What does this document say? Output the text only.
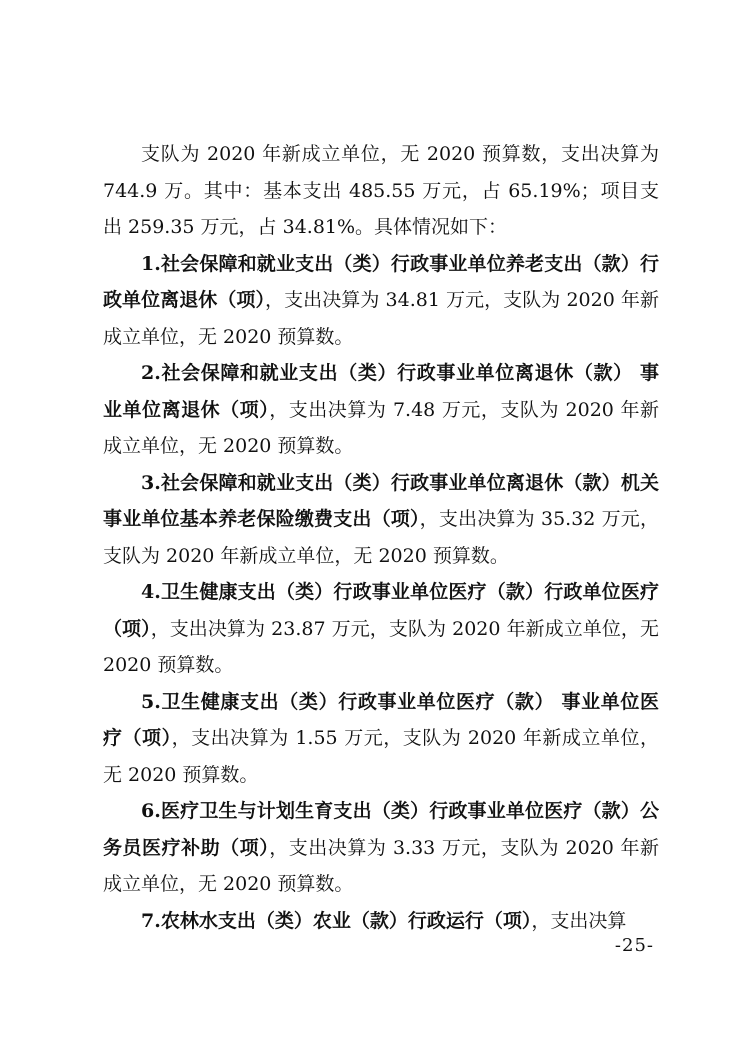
支队为 2020 年新成立单位，无 2020 预算数，支出决算为 744.9 万。其中：基本支出 485.55 万元，占 65.19%；项目支出 259.35 万元，占 34.81%。具体情况如下：

1.社会保障和就业支出（类）行政事业单位养老支出（款）行政单位离退休（项），支出决算为 34.81 万元，支队为 2020 年新成立单位，无 2020 预算数。

2.社会保障和就业支出（类）行政事业单位离退休（款） 事业单位离退休（项），支出决算为 7.48 万元，支队为 2020 年新成立单位，无 2020 预算数。

3.社会保障和就业支出（类）行政事业单位离退休（款）机关事业单位基本养老保险缴费支出（项），支出决算为 35.32 万元，支队为 2020 年新成立单位，无 2020 预算数。

4.卫生健康支出（类）行政事业单位医疗（款）行政单位医疗（项），支出决算为 23.87 万元，支队为 2020 年新成立单位，无 2020 预算数。

5.卫生健康支出（类）行政事业单位医疗（款） 事业单位医疗（项），支出决算为 1.55 万元，支队为 2020 年新成立单位，无 2020 预算数。

6.医疗卫生与计划生育支出（类）行政事业单位医疗（款）公务员医疗补助（项），支出决算为 3.33 万元，支队为 2020 年新成立单位，无 2020 预算数。

7.农林水支出（类）农业（款）行政运行（项），支出决算

-25-
